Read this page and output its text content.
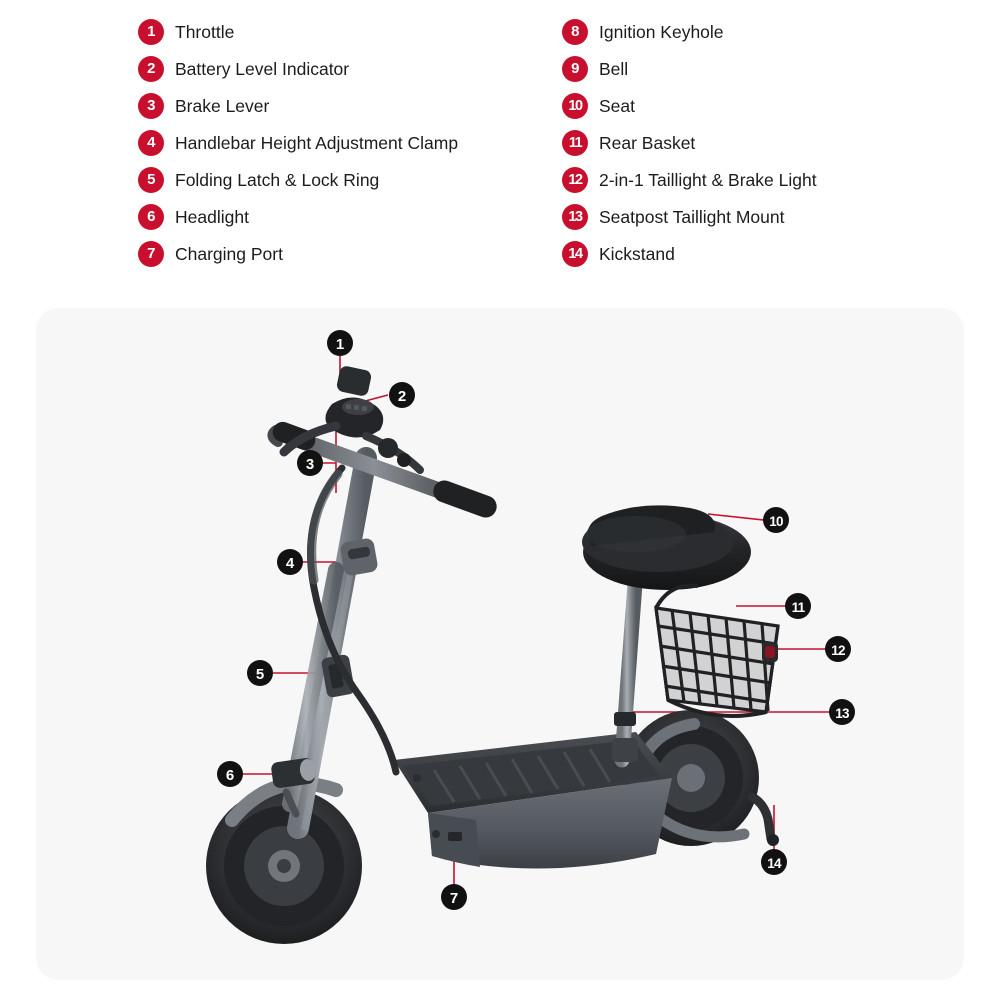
1	Throttle
2	Battery Level Indicator
3	Brake Lever
4	Handlebar Height Adjustment Clamp
5	Folding Latch & Lock Ring
6	Headlight
7	Charging Port
8	Ignition Keyhole
9	Bell
10 Seat
11	Rear Basket
12 2-in-1 Taillight & Brake Light
13 Seatpost Taillight Mount
14 Kickstand
1
2
3
4
5
6
7
10
11
12
13
14
